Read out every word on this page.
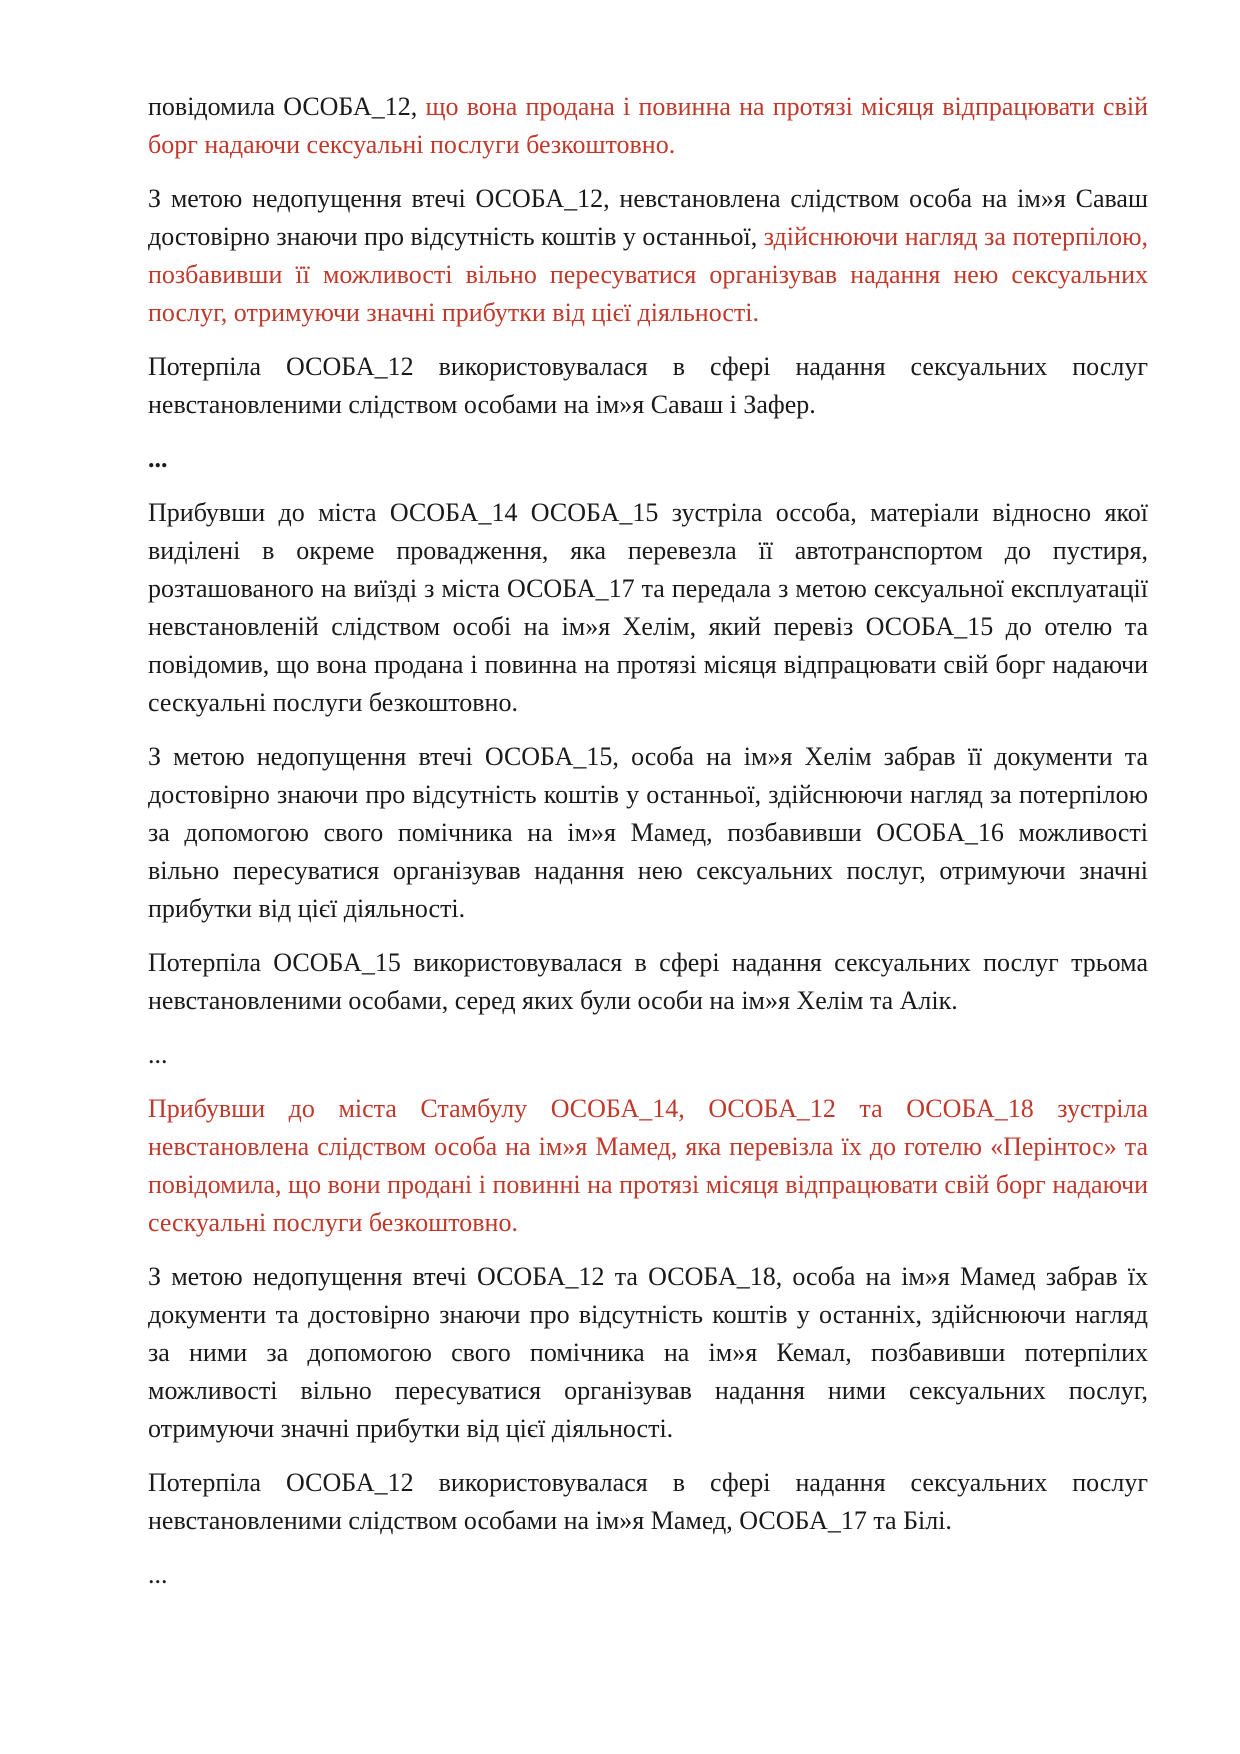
повідомила ОСОБА_12, що вона продана і повинна на протязі місяця відпрацювати свій борг надаючи сексуальні послуги безкоштовно.

З метою недопущення втечі ОСОБА_12, невстановлена слідством особа на ім»я Саваш достовірно знаючи про відсутність коштів у останньої, здійснюючи нагляд за потерпілою, позбавивши її можливості вільно пересуватися організував надання нею сексуальних послуг, отримуючи значні прибутки від цієї діяльності.

Потерпіла ОСОБА_12 використовувалася в сфері надання сексуальних послуг невстановленими слідством особами на ім»я Саваш і Зафер.

...

Прибувши до міста ОСОБА_14 ОСОБА_15 зустріла оссоба, матеріали відносно якої виділені в окреме провадження, яка перевезла її автотранспортом до пустиря, розташованого на виїзді з міста ОСОБА_17 та передала з метою сексуальної експлуатації невстановленій слідством особі на ім»я Хелім, який перевіз ОСОБА_15 до отелю та повідомив, що вона продана і повинна на протязі місяця відпрацювати свій борг надаючи сескуальні послуги безкоштовно.

З метою недопущення втечі ОСОБА_15, особа на ім»я Хелім забрав її документи та достовірно знаючи про відсутність коштів у останньої, здійснюючи нагляд за потерпілою за допомогою свого помічника на ім»я Мамед, позбавивши ОСОБА_16 можливості вільно пересуватися організував надання нею сексуальних послуг, отримуючи значні прибутки від цієї діяльності.

Потерпіла ОСОБА_15 використовувалася в сфері надання сексуальних послуг трьома невстановленими особами, серед яких були особи на ім»я Хелім та Алік.

...

Прибувши до міста Стамбулу ОСОБА_14, ОСОБА_12 та ОСОБА_18 зустріла невстановлена слідством особа на ім»я Мамед, яка перевізла їх до готелю «Перінтос» та повідомила, що вони продані і повинні на протязі місяця відпрацювати свій борг надаючи сескуальні послуги безкоштовно.

З метою недопущення втечі ОСОБА_12 та ОСОБА_18, особа на ім»я Мамед забрав їх документи та достовірно знаючи про відсутність коштів у останніх, здійснюючи нагляд за ними за допомогою свого помічника на ім»я Кемал, позбавивши потерпілих можливості вільно пересуватися організував надання ними сексуальних послуг, отримуючи значні прибутки від цієї діяльності.

Потерпіла ОСОБА_12 використовувалася в сфері надання сексуальних послуг невстановленими слідством особами на ім»я Мамед, ОСОБА_17 та Білі.

...
